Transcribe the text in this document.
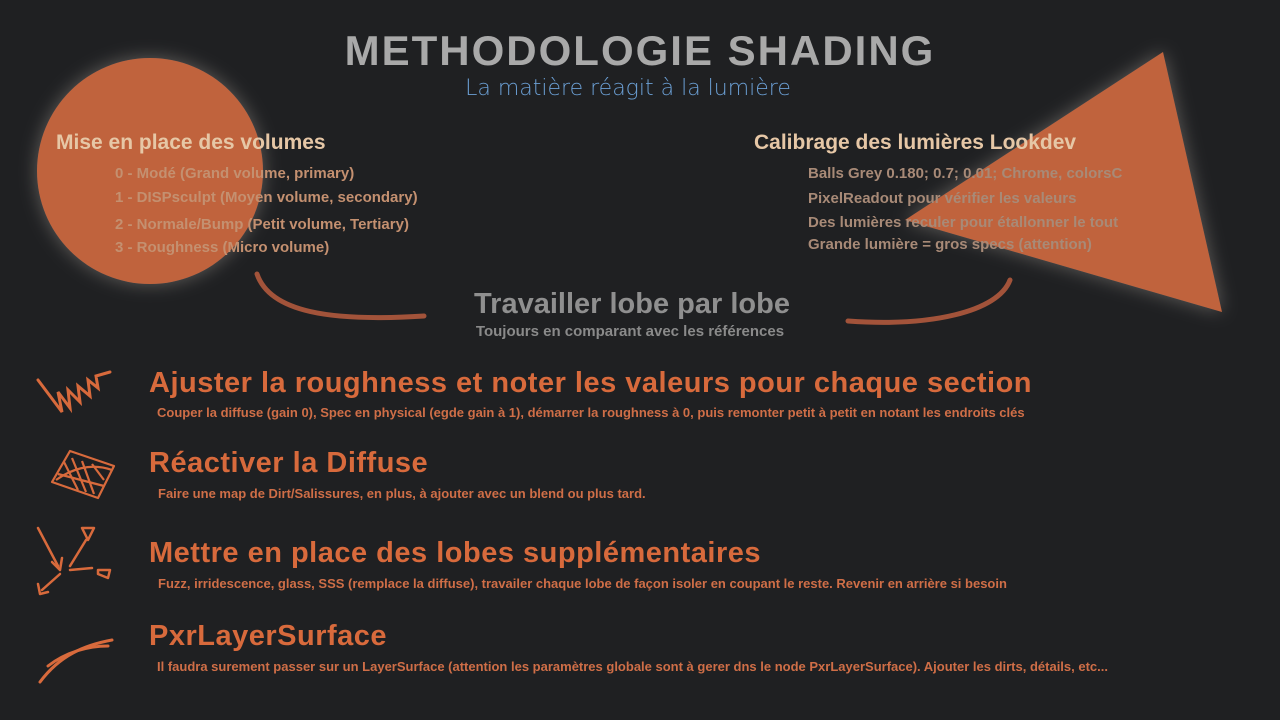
METHODOLOGIE SHADING
La matière réagit à la lumière
Mise en place des volumes
0 - Modé (Grand volume, primary)
1 - DISPsculpt (Moyen volume, secondary)
2 - Normale/Bump (Petit volume, Tertiary)
3 - Roughness (Micro volume)
Calibrage des lumières Lookdev
Balls Grey 0.180; 0.7; 0.01; Chrome, colorsC
PixelReadout pour vérifier les valeurs
Des lumières reculer pour étallonner le tout
Grande lumière = gros specs (attention)
Travailler lobe par lobe
Toujours en comparant avec les références
Ajuster la roughness et noter les valeurs pour chaque section
Couper la diffuse (gain 0), Spec en physical (egde gain à 1), démarrer la roughness à 0, puis remonter petit à petit en notant les endroits clés
Réactiver la Diffuse
Faire une map de Dirt/Salissures, en plus, à ajouter avec un blend ou plus tard.
Mettre en place des lobes supplémentaires
Fuzz, irridescence, glass, SSS (remplace la diffuse), travailer chaque lobe de façon isoler en coupant le reste. Revenir en arrière si besoin
PxrLayerSurface
Il faudra surement passer sur un LayerSurface (attention les paramètres globale sont à gerer dns le node PxrLayerSurface). Ajouter les dirts, détails, etc...
